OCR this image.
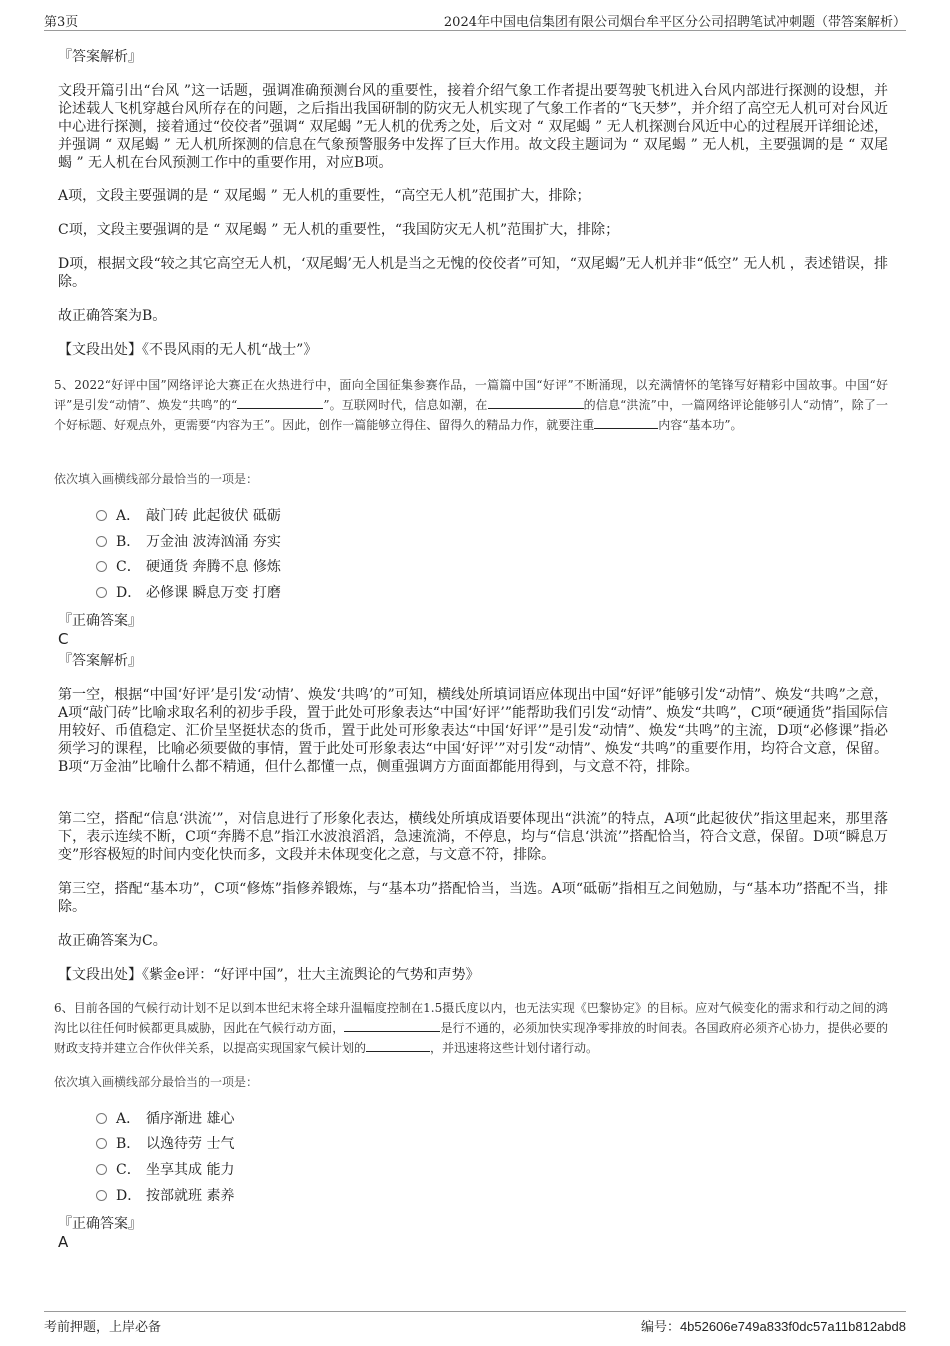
第3页	2024年中国电信集团有限公司烟台牟平区分公司招聘笔试冲刺题（带答案解析）
『答案解析』

文段开篇引出“台风 ”这一话题，强调准确预测台风的重要性，接着介绍气象工作者提出要驾驶飞机进入台风内部进行探测的设想，并论述载人飞机穿越台风所存在的问题，之后指出我国研制的防灾无人机实现了气象工作者的“飞天梦”，并介绍了高空无人机可对台风近中心进行探测，接着通过“佼佼者”强调“ 双尾蝎 ”无人机的优秀之处，后文对 “ 双尾蝎 ” 无人机探测台风近中心的过程展开详细论述，并强调 “ 双尾蝎 ” 无人机所探测的信息在气象预警服务中发挥了巨大作用。故文段主题词为 “ 双尾蝎 ” 无人机，主要强调的是 “ 双尾蝎 ” 无人机在台风预测工作中的重要作用，对应B项。

A项，文段主要强调的是 “ 双尾蝎 ” 无人机的重要性，“高空无人机”范围扩大，排除；

C项，文段主要强调的是 “ 双尾蝎 ” 无人机的重要性，“我国防灾无人机”范围扩大，排除；

D项，根据文段“较之其它高空无人机，‘双尾蝎’无人机是当之无愧的佼佼者”可知，“双尾蝎”无人机并非“低空” 无人机 ，表述错误，排除。

故正确答案为B。

【文段出处】《不畏风雨的无人机“战士”》

5、2022“好评中国”网络评论大赛正在火热进行中，面向全国征集参赛作品，一篇篇中国“好评”不断涌现，以充满情怀的笔锋写好精彩中国故事。中国“好评”是引发“动情”、焕发“共鸣”的“	”。互联网时代，信息如潮，在	的信息“洪流”中，一篇网络评论能够引人“动情”，除了一个好标题、好观点外，更需要“内容为王”。因此，创作一篇能够立得住、留得久的精品力作，就要注重	内容“基本功”。

依次填入画横线部分最恰当的一项是：
A． 敲门砖 此起彼伏 砥砺
B． 万金油 波涛汹涌 夯实
C． 硬通货 奔腾不息 修炼
D． 必修课 瞬息万变 打磨
『正确答案』
C
『答案解析』

第一空，根据“中国‘好评’是引发‘动情’、焕发‘共鸣’的”可知，横线处所填词语应体现出中国“好评”能够引发“动情”、焕发“共鸣”之意，A项“敲门砖”比喻求取名利的初步手段，置于此处可形象表达“中国‘好评’”能帮助我们引发“动情”、焕发“共鸣”，C项“硬通货”指国际信用较好、币值稳定、汇价呈坚挺状态的货币，置于此处可形象表达“中国‘好评’”是引发“动情”、焕发“共鸣”的主流，D项“必修课”指必须学习的课程，比喻必须要做的事情，置于此处可形象表达“中国‘好评’”对引发“动情”、焕发“共鸣”的重要作用，均符合文意，保留。B项“万金油”比喻什么都不精通，但什么都懂一点，侧重强调方方面面都能用得到，与文意不符，排除。

第二空，搭配“信息‘洪流’”，对信息进行了形象化表达，横线处所填成语要体现出“洪流”的特点，A项“此起彼伏”指这里起来，那里落下，表示连续不断，C项“奔腾不息”指江水波浪滔滔，急速流淌，不停息，均与“信息‘洪流’”搭配恰当，符合文意，保留。D项“瞬息万变”形容极短的时间内变化快而多，文段并未体现变化之意，与文意不符，排除。

第三空，搭配“基本功”，C项“修炼”指修养锻炼，与“基本功”搭配恰当，当选。A项“砥砺”指相互之间勉励，与“基本功”搭配不当，排除。

故正确答案为C。

【文段出处】《紫金e评：“好评中国”，壮大主流舆论的气势和声势》

6、目前各国的气候行动计划不足以到本世纪末将全球升温幅度控制在1.5摄氏度以内，也无法实现《巴黎协定》的目标。应对气候变化的需求和行动之间的鸿沟比以往任何时候都更具威胁，因此在气候行动方面，	是行不通的，必须加快实现净零排放的时间表。各国政府必须齐心协力，提供必要的财政支持并建立合作伙伴关系，以提高实现国家气候计划的	，并迅速将这些计划付诸行动。

依次填入画横线部分最恰当的一项是：
A． 循序渐进 雄心
B． 以逸待劳 士气
C． 坐享其成 能力
D． 按部就班 素养
『正确答案』
A
考前押题，上岸必备	编号：4b52606e749a833f0dc57a11b812abd8
